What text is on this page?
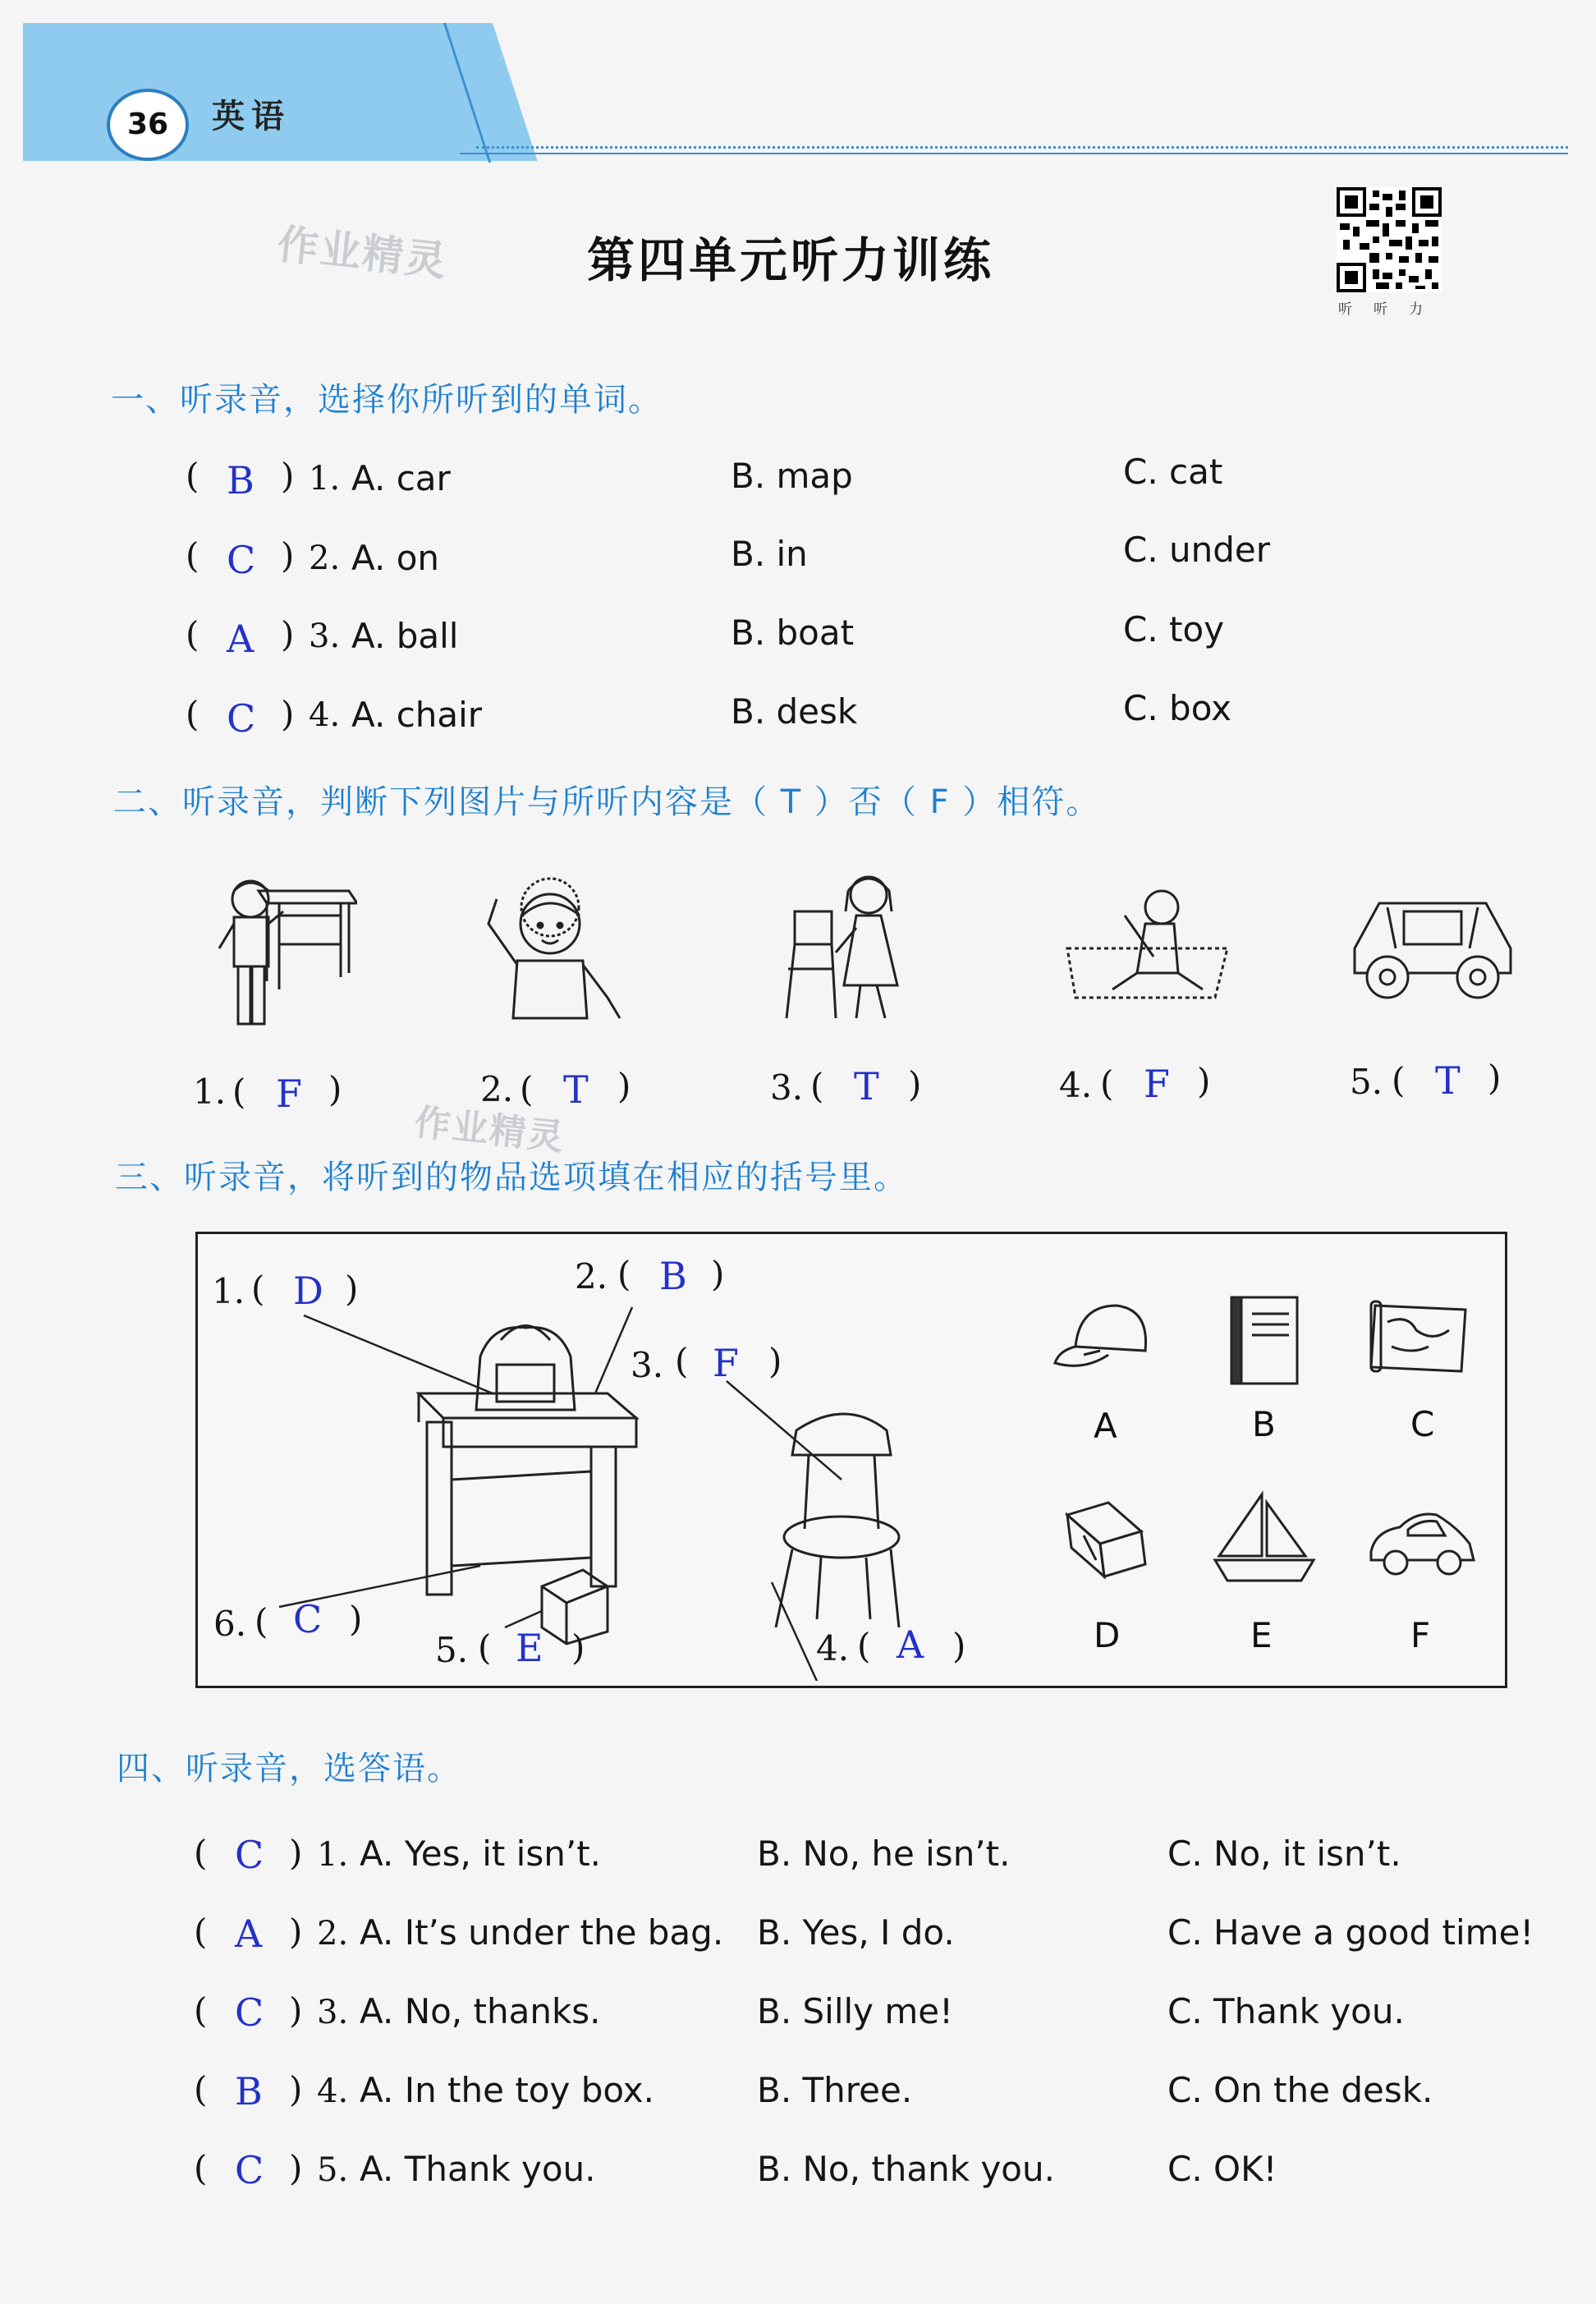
36	英语
作业精灵
作业精灵
第四单元听力训练
听听力
一、听录音，选择你所听到的单词。
( B ) 1. A. car	B. map	C. cat
( C ) 2. A. on	B. in	C. under
( A ) 3. A. ball	B. boat	C. toy
( C ) 4. A. chair	B. desk	C. box
二、听录音，判断下列图片与所听内容是（ T ）否（ F ）相符。
1. ( F )	2. ( T )	3. ( T )	4. ( F )	5. ( T )
三、听录音，将听到的物品选项填在相应的括号里。
1. ( D )	2. ( B )
3. ( F )
4. ( A )
5. ( E )
6. ( C )
A	B	C
D	E	F
四、听录音，选答语。
( C ) 1. A. Yes, it isn’t.	B. No, he isn’t.	C. No, it isn’t.
( A ) 2. A. It’s under the bag. B. Yes, I do.	C. Have a good time!
( C ) 3. A. No, thanks.	B. Silly me!	C. Thank you.
( B ) 4. A. In the toy box.	B. Three.	C. On the desk.
( C ) 5. A. Thank you.	B. No, thank you.	C. OK!
